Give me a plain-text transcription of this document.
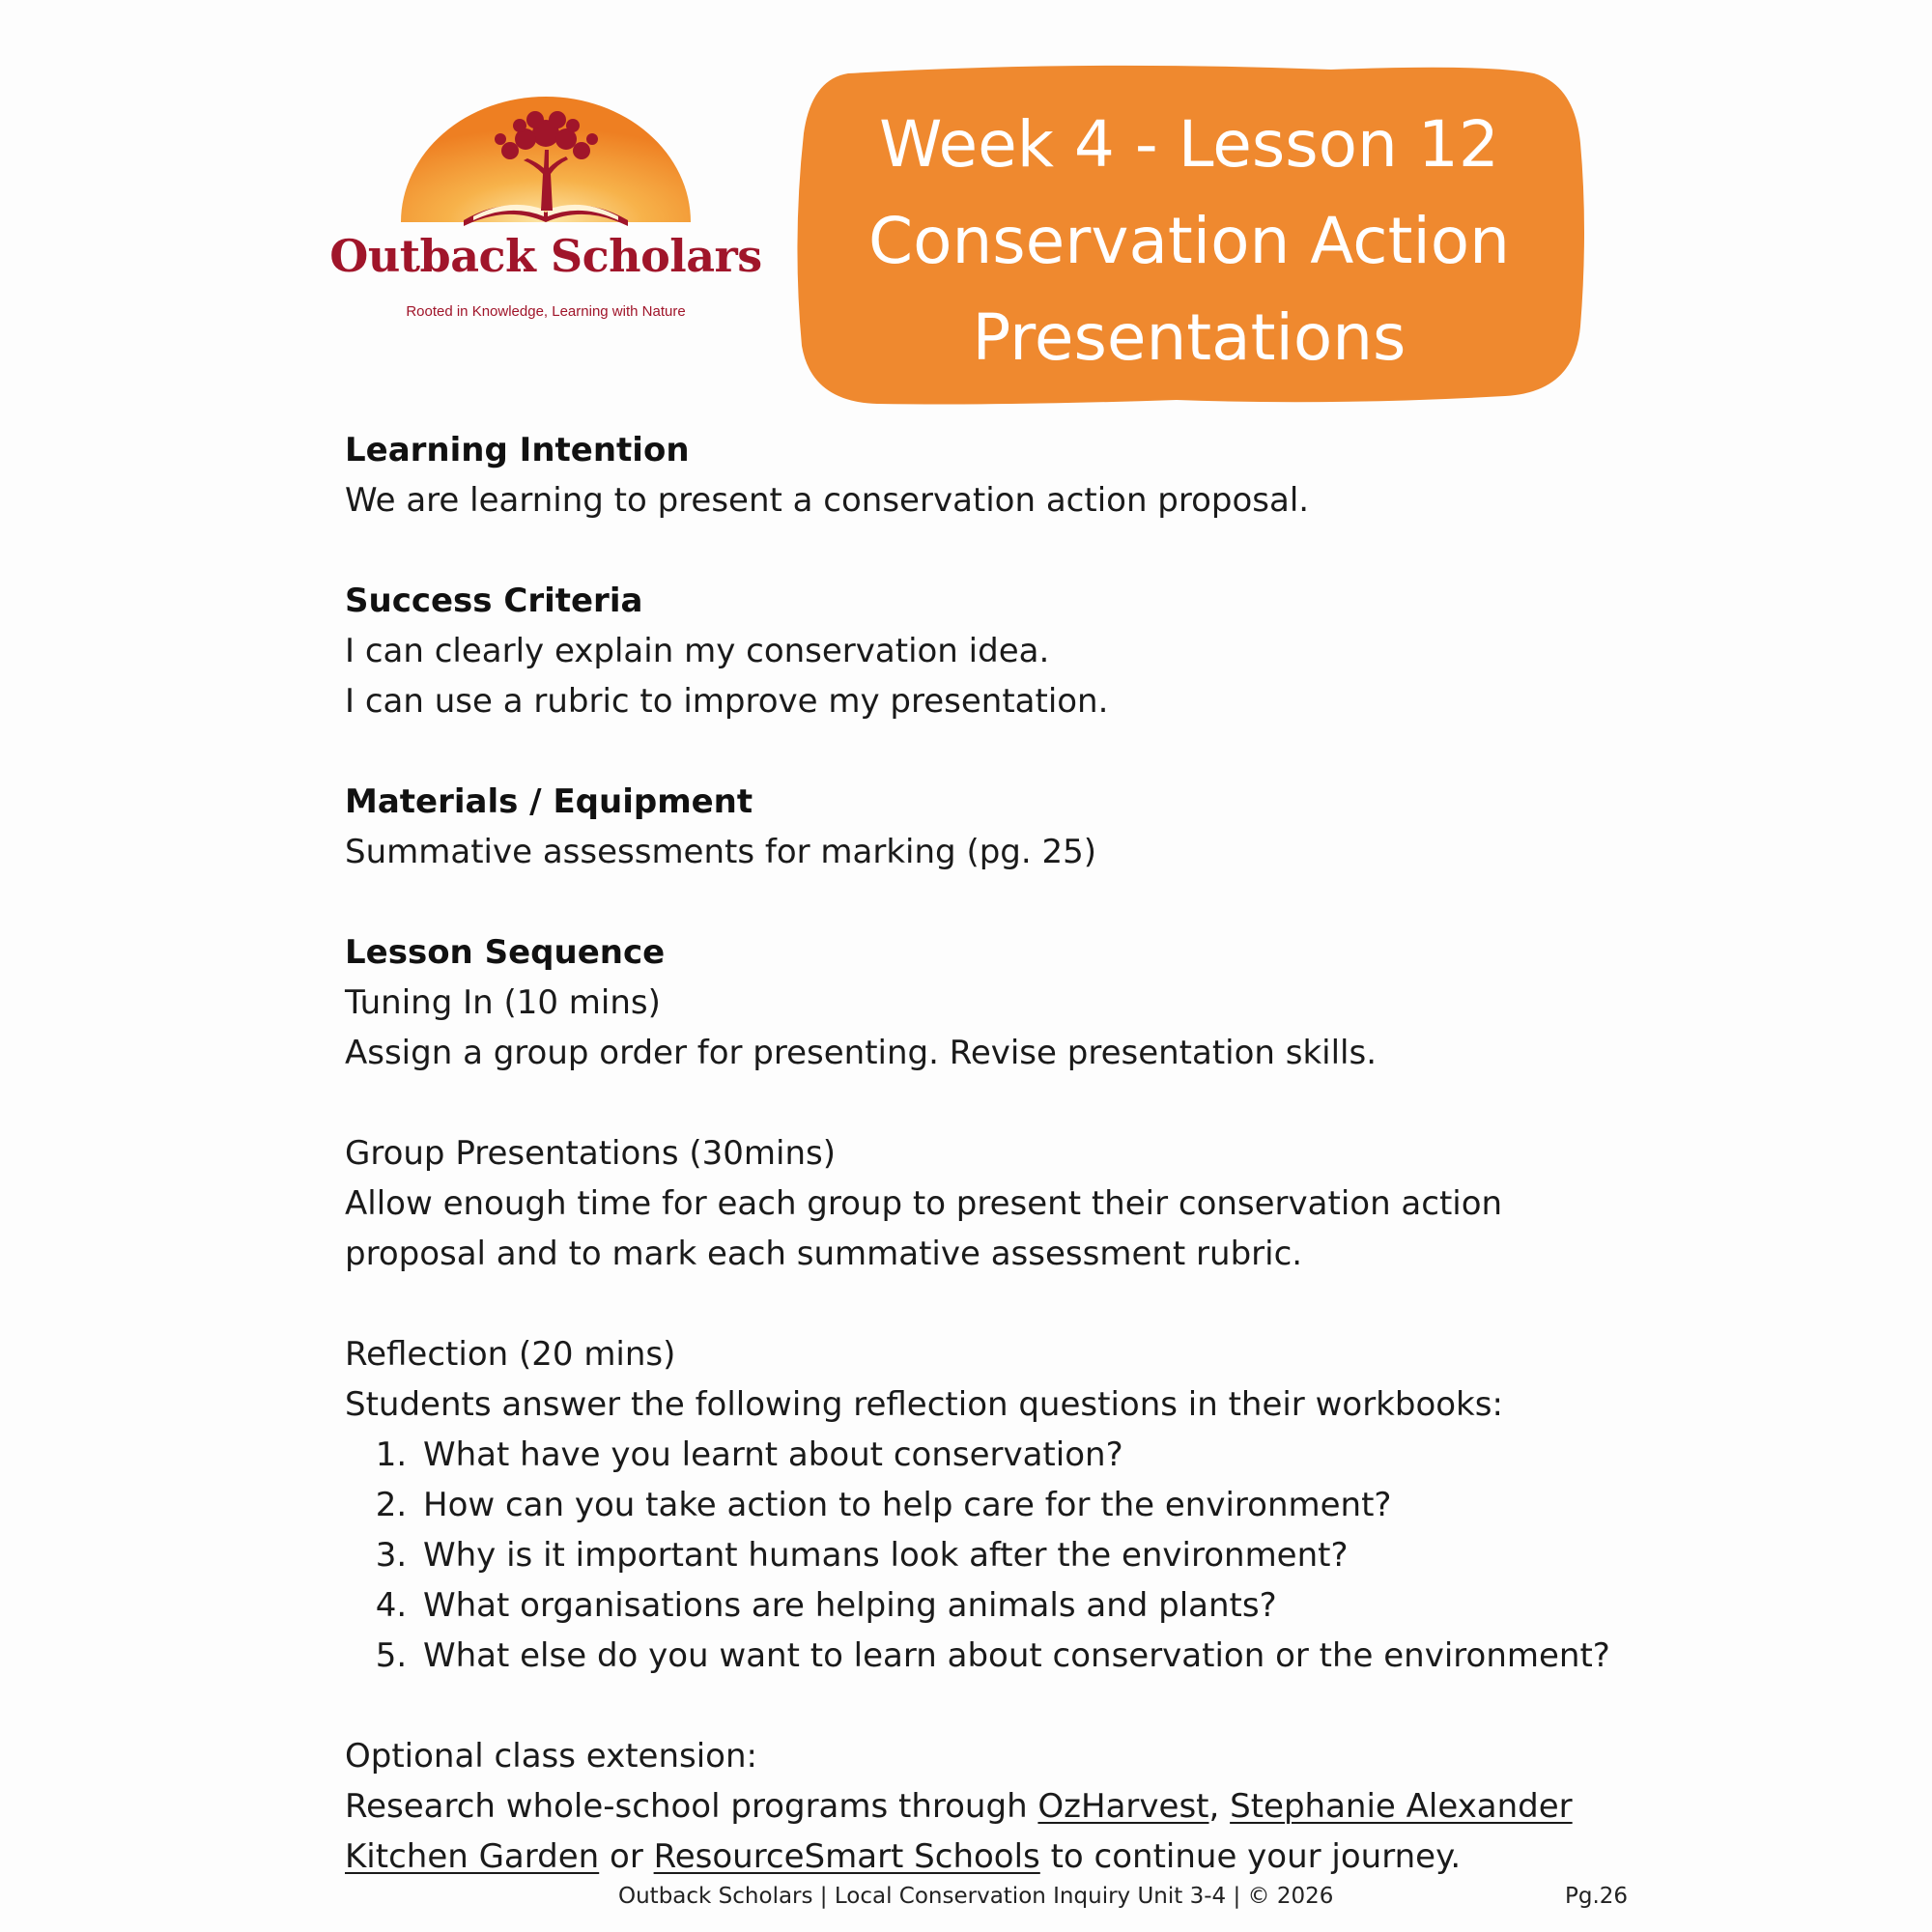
Outback Scholars
Rooted in Knowledge, Learning with Nature
Week 4 - Lesson 12
Conservation Action
Presentations
Learning Intention

We are learning to present a conservation action proposal.

Success Criteria

I can clearly explain my conservation idea.

I can use a rubric to improve my presentation.

Materials / Equipment

Summative assessments for marking (pg. 25)

Lesson Sequence

Tuning In (10 mins)

Assign a group order for presenting. Revise presentation skills.

Group Presentations (30mins)

Allow enough time for each group to present their conservation action

proposal and to mark each summative assessment rubric.

Reflection (20 mins)

Students answer the following reflection questions in their workbooks:

1. What have you learnt about conservation?
2. How can you take action to help care for the environment?
3. Why is it important humans look after the environment?
4. What organisations are helping animals and plants?
5. What else do you want to learn about conservation or the environment?

Optional class extension:

Research whole-school programs through OzHarvest, Stephanie Alexander

Kitchen Garden or ResourceSmart Schools to continue your journey.

Outback Scholars | Local Conservation Inquiry Unit 3-4 | © 2026	Pg.26
